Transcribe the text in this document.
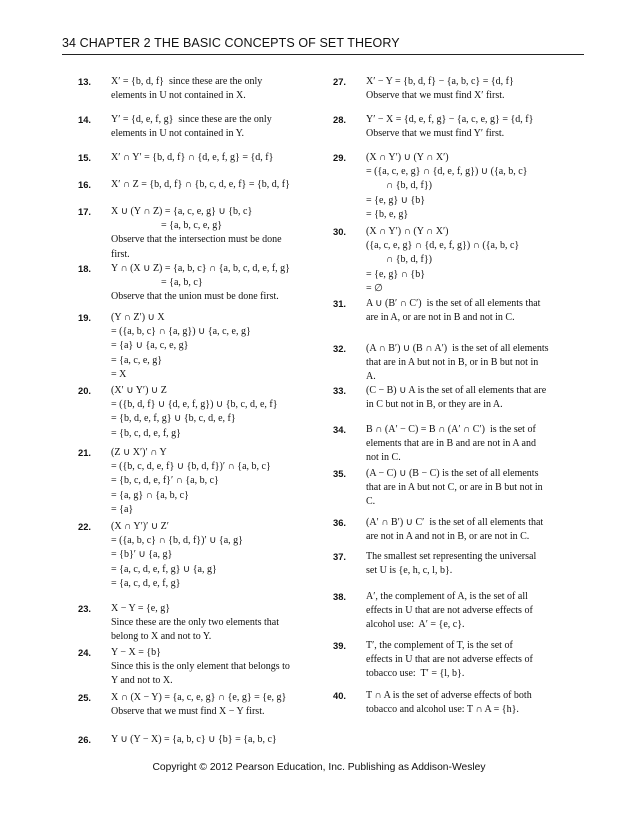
34 CHAPTER 2 THE BASIC CONCEPTS OF SET THEORY
13. X′ = {b, d, f}  since these are the only
elements in U not contained in X.
14. Y′ = {d, e, f, g}  since these are the only
elements in U not contained in Y.
15. X′ ∩ Y′ = {b, d, f} ∩ {d, e, f, g} = {d, f}
16. X′ ∩ Z = {b, d, f} ∩ {b, c, d, e, f} = {b, d, f}
17. X ∪ (Y ∩ Z) = {a, c, e, g} ∪ {b, c}
= {a, b, c, e, g}
Observe that the intersection must be done
first.
18. Y ∩ (X ∪ Z) = {a, b, c} ∩ {a, b, c, d, e, f, g}
= {a, b, c}
Observe that the union must be done first.
19. (Y ∩ Z′) ∪ X
= ({a, b, c} ∩ {a, g}) ∪ {a, c, e, g}
= {a} ∪ {a, c, e, g}
= {a, c, e, g}
= X
20. (X′ ∪ Y′) ∪ Z
= ({b, d, f} ∪ {d, e, f, g}) ∪ {b, c, d, e, f}
= {b, d, e, f, g} ∪ {b, c, d, e, f}
= {b, c, d, e, f, g}
21. (Z ∪ X′)′ ∩ Y
= ({b, c, d, e, f} ∪ {b, d, f})′ ∩ {a, b, c}
= {b, c, d, e, f}′ ∩ {a, b, c}
= {a, g} ∩ {a, b, c}
= {a}
22. (X ∩ Y′)′ ∪ Z′
= ({a, b, c} ∩ {b, d, f})′ ∪ {a, g}
= {b}′ ∪ {a, g}
= {a, c, d, e, f, g} ∪ {a, g}
= {a, c, d, e, f, g}
23. X − Y = {e, g}
Since these are the only two elements that
belong to X and not to Y.
24. Y − X = {b}
Since this is the only element that belongs to
Y and not to X.
25. X ∩ (X − Y) = {a, c, e, g} ∩ {e, g} = {e, g}
Observe that we must find X − Y first.
26. Y ∪ (Y − X) = {a, b, c} ∪ {b} = {a, b, c}
27. X′ − Y = {b, d, f} − {a, b, c} = {d, f}
Observe that we must find X′ first.
28. Y′ − X = {d, e, f, g} − {a, c, e, g} = {d, f}
Observe that we must find Y′ first.
29. (X ∩ Y′) ∪ (Y ∩ X′)
= ({a, c, e, g} ∩ {d, e, f, g}) ∪ ({a, b, c}
∩ {b, d, f})
= {e, g} ∪ {b}
= {b, e, g}
30. (X ∩ Y′) ∩ (Y ∩ X′)
({a, c, e, g} ∩ {d, e, f, g}) ∩ ({a, b, c}
∩ {b, d, f})
= {e, g} ∩ {b}
= ∅
31. A ∪ (B′ ∩ C′)  is the set of all elements that
are in A, or are not in B and not in C.
32. (A ∩ B′) ∪ (B ∩ A′)  is the set of all elements
that are in A but not in B, or in B but not in
A.
33. (C − B) ∪ A is the set of all elements that are
in C but not in B, or they are in A.
34. B ∩ (A′ − C) = B ∩ (A′ ∩ C′)  is the set of
elements that are in B and are not in A and
not in C.
35. (A − C) ∪ (B − C) is the set of all elements
that are in A but not C, or are in B but not in
C.
36. (A′ ∩ B′) ∪ C′  is the set of all elements that
are not in A and not in B, or are not in C.
37. The smallest set representing the universal
set U is {e, h, c, l, b}.
38. A′, the complement of A, is the set of all
effects in U that are not adverse effects of
alcohol use:  A′ = {e, c}.
39. T′, the complement of T, is the set of
effects in U that are not adverse effects of
tobacco use:  T′ = {l, b}.
40. T ∩ A is the set of adverse effects of both
tobacco and alcohol use: T ∩ A = {h}.
Copyright © 2012 Pearson Education, Inc. Publishing as Addison-Wesley
